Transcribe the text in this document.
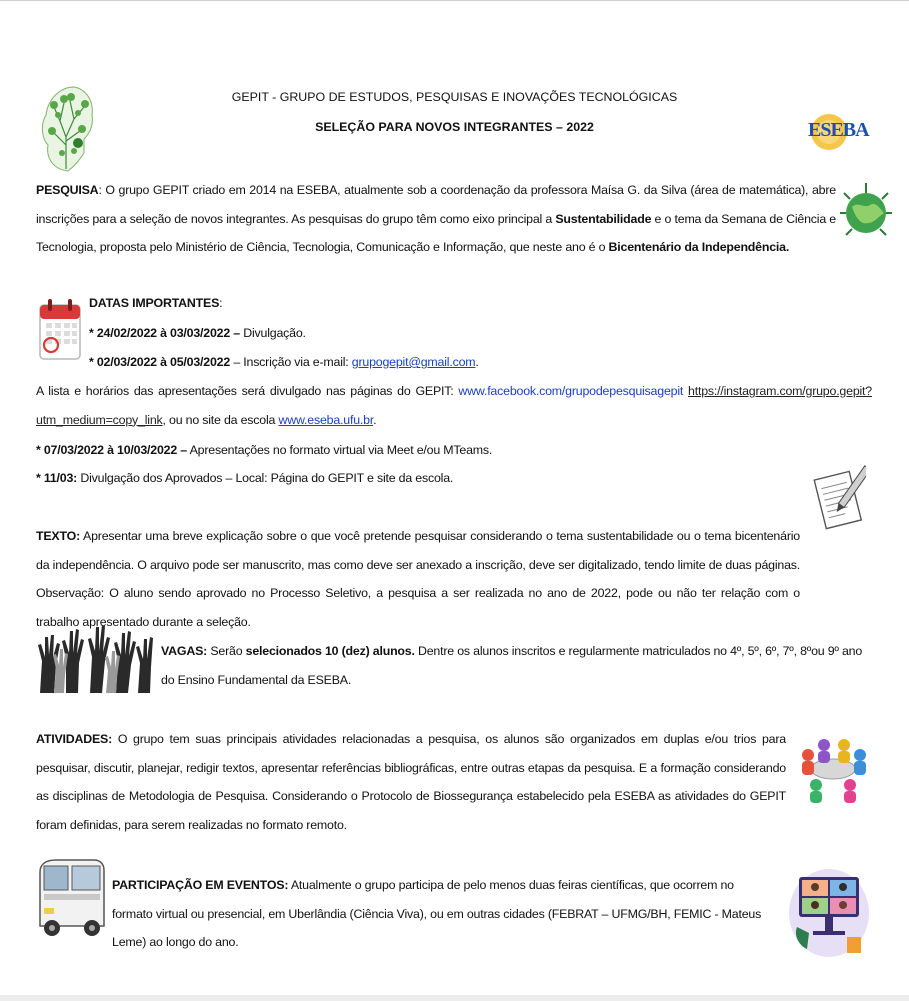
GEPIT - GRUPO DE ESTUDOS, PESQUISAS E INOVAÇÕES TECNOLÓGICAS
SELEÇÃO PARA NOVOS INTEGRANTES – 2022	ESEBA
PESQUISA: O grupo GEPIT criado em 2014 na ESEBA, atualmente sob a coordenação da professora Maísa G. da Silva (área de matemática), abre inscrições para a seleção de novos integrantes. As pesquisas do grupo têm como eixo principal a Sustentabilidade e o tema da Semana de Ciência e Tecnologia, proposta pelo Ministério de Ciência, Tecnologia, Comunicação e Informação, que neste ano é o Bicentenário da Independência.
DATAS IMPORTANTES:
* 24/02/2022 à 03/03/2022 – Divulgação.
* 02/03/2022 à 05/03/2022 – Inscrição via e-mail: grupogepit@gmail.com.
A lista e horários das apresentações será divulgado nas páginas do GEPIT: www.facebook.com/grupodepesquisagepit https://instagram.com/grupo.gepit?utm_medium=copy_link, ou no site da escola www.eseba.ufu.br.
* 07/03/2022 à 10/03/2022 – Apresentações no formato virtual via Meet e/ou MTeams.
* 11/03: Divulgação dos Aprovados – Local: Página do GEPIT e site da escola.
TEXTO: Apresentar uma breve explicação sobre o que você pretende pesquisar considerando o tema sustentabilidade ou o tema bicentenário da independência. O arquivo pode ser manuscrito, mas como deve ser anexado a inscrição, deve ser digitalizado, tendo limite de duas páginas. Observação: O aluno sendo aprovado no Processo Seletivo, a pesquisa a ser realizada no ano de 2022, pode ou não ter relação com o trabalho apresentado durante a seleção.
VAGAS: Serão selecionados 10 (dez) alunos. Dentre os alunos inscritos e regularmente matriculados no 4º, 5º, 6º, 7º, 8ºou 9º ano do Ensino Fundamental da ESEBA.
ATIVIDADES: O grupo tem suas principais atividades relacionadas a pesquisa, os alunos são organizados em duplas e/ou trios para pesquisar, discutir, planejar, redigir textos, apresentar referências bibliográficas, entre outras etapas da pesquisa. E a formação considerando as disciplinas de Metodologia de Pesquisa. Considerando o Protocolo de Biossegurança estabelecido pela ESEBA as atividades do GEPIT foram definidas, para serem realizadas no formato remoto.
PARTICIPAÇÃO EM EVENTOS: Atualmente o grupo participa de pelo menos duas feiras científicas, que ocorrem no formato virtual ou presencial, em Uberlândia (Ciência Viva), ou em outras cidades (FEBRAT – UFMG/BH, FEMIC - Mateus Leme) ao longo do ano.
